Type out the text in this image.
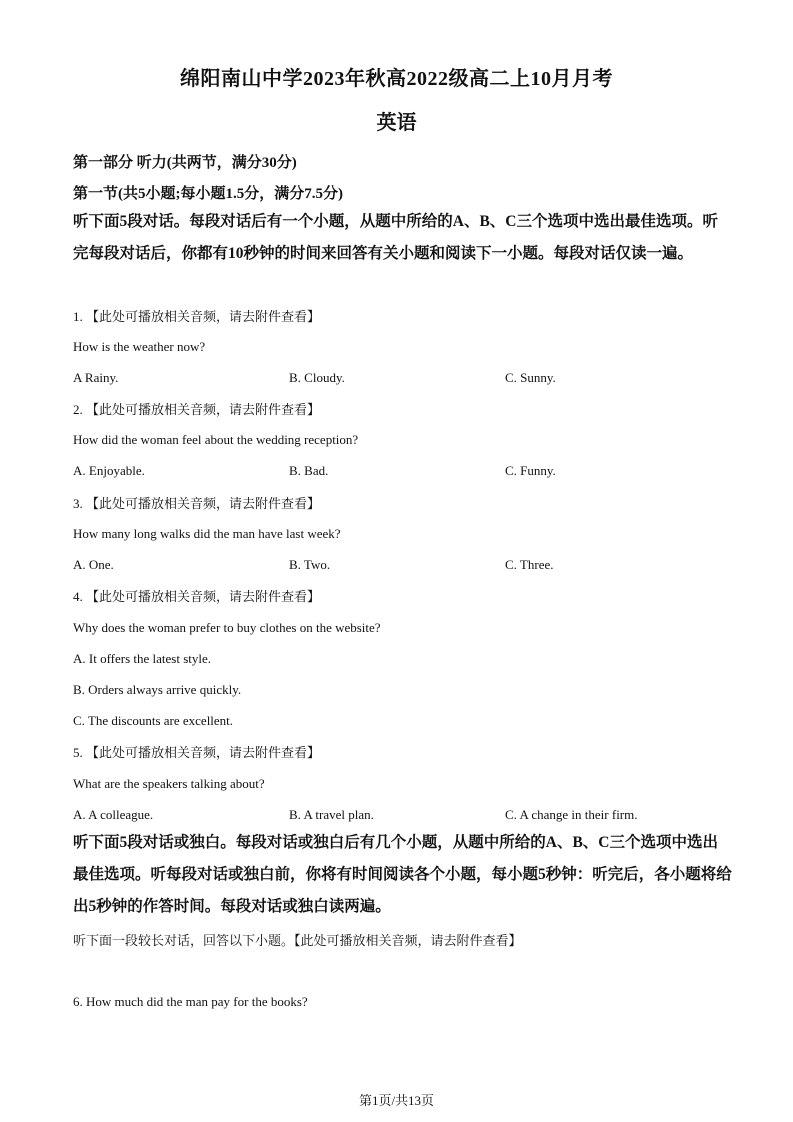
绵阳南山中学2023年秋高2022级高二上10月月考
英语
第一部分 听力(共两节，满分30分)
第一节(共5小题;每小题1.5分，满分7.5分)
听下面5段对话。每段对话后有一个小题，从题中所给的A、B、C三个选项中选出最佳选项。听完每段对话后，你都有10秒钟的时间来回答有关小题和阅读下一小题。每段对话仅读一遍。
1. 【此处可播放相关音频，请去附件查看】
How is the weather now?
A Rainy.	B. Cloudy.	C. Sunny.
2. 【此处可播放相关音频，请去附件查看】
How did the woman feel about the wedding reception?
A. Enjoyable.	B. Bad.	C. Funny.
3. 【此处可播放相关音频，请去附件查看】
How many long walks did the man have last week?
A. One.	B. Two.	C. Three.
4. 【此处可播放相关音频，请去附件查看】
Why does the woman prefer to buy clothes on the website?
A. It offers the latest style.
B. Orders always arrive quickly.
C. The discounts are excellent.
5. 【此处可播放相关音频，请去附件查看】
What are the speakers talking about?
A. A colleague.	B. A travel plan.	C. A change in their firm.
听下面5段对话或独白。每段对话或独白后有几个小题，从题中所给的A、B、C三个选项中选出最佳选项。听每段对话或独白前，你将有时间阅读各个小题，每小题5秒钟：听完后，各小题将给出5秒钟的作答时间。每段对话或独白读两遍。
听下面一段较长对话，回答以下小题。【此处可播放相关音频，请去附件查看】
6. How much did the man pay for the books?
第1页/共13页
